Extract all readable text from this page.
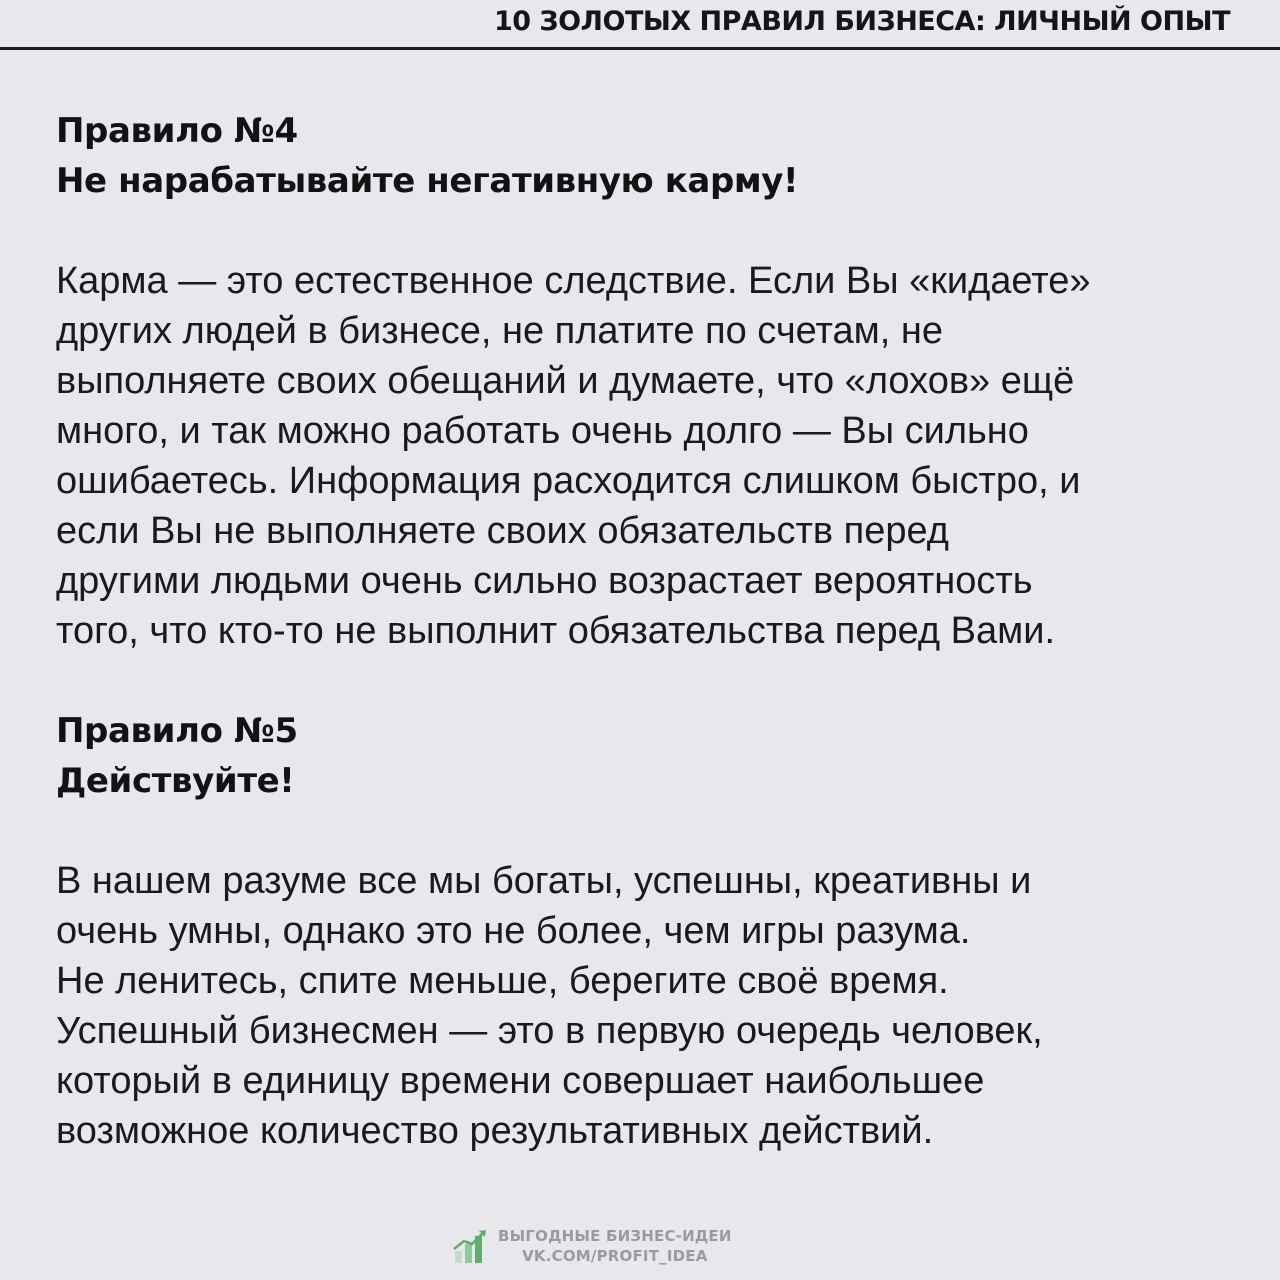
10 ЗОЛОТЫХ ПРАВИЛ БИЗНЕСА: ЛИЧНЫЙ ОПЫТ
Правило №4
Не нарабатывайте негативную карму!
Карма — это естественное следствие. Если Вы «кидаете»
других людей в бизнесе, не платите по счетам, не
выполняете своих обещаний и думаете, что «лохов» ещё
много, и так можно работать очень долго — Вы сильно
ошибаетесь. Информация расходится слишком быстро, и
если Вы не выполняете своих обязательств перед
другими людьми очень сильно возрастает вероятность
того, что кто-то не выполнит обязательства перед Вами.
Правило №5
Действуйте!
В нашем разуме все мы богаты, успешны, креативны и
очень умны, однако это не более, чем игры разума.
Не ленитесь, спите меньше, берегите своё время.
Успешный бизнесмен — это в первую очередь человек,
который в единицу времени совершает наибольшее
возможное количество результативных действий.
ВЫГОДНЫЕ БИЗНЕС-ИДЕИ
VK.COM/PROFIT_IDEA
